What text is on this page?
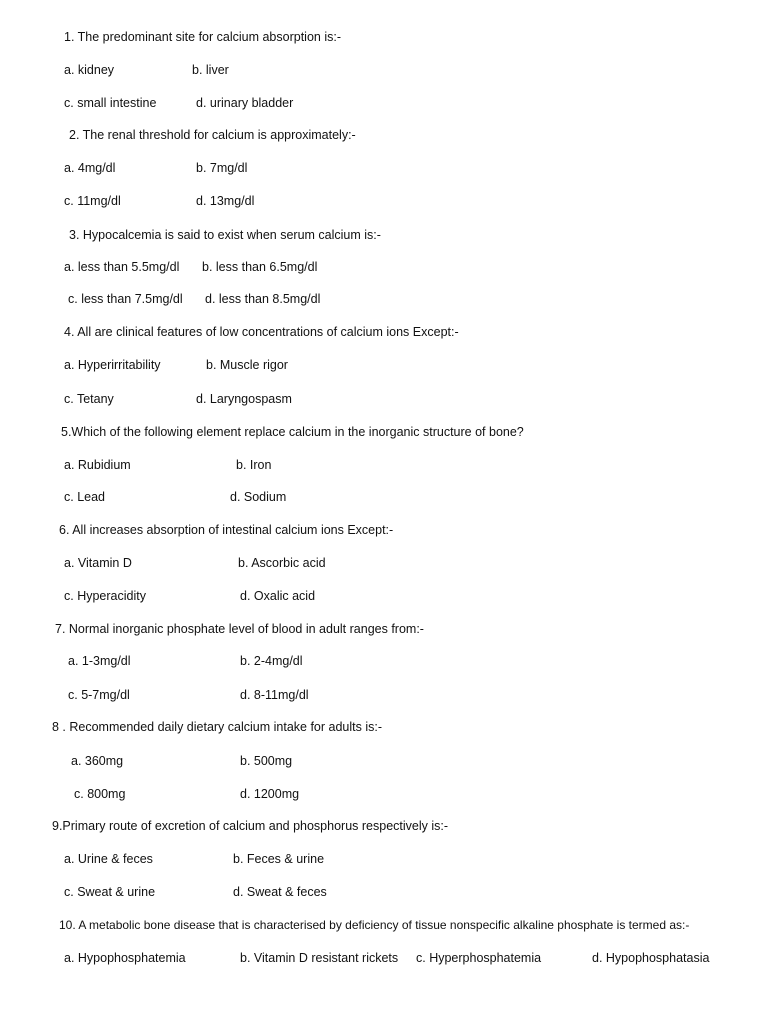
1. The predominant site for calcium absorption is:-
a. kidney	b. liver
c. small intestine	d. urinary bladder
2. The renal threshold for calcium is approximately:-
a. 4mg/dl	b. 7mg/dl
c. 11mg/dl	d. 13mg/dl
3. Hypocalcemia is said to exist when serum calcium is:-
a. less than 5.5mg/dl b. less than 6.5mg/dl
c. less than 7.5mg/dl d. less than 8.5mg/dl
4. All are clinical features of low concentrations of calcium ions Except:-
a. Hyperirritability	b. Muscle rigor
c. Tetany	d. Laryngospasm
5.Which of the following element replace calcium in the inorganic structure of bone?
a. Rubidium	b. Iron
c. Lead	d. Sodium
6. All increases absorption of intestinal calcium ions Except:-
a. Vitamin D	b. Ascorbic acid
c. Hyperacidity	d. Oxalic acid
7. Normal inorganic phosphate level of blood in adult ranges from:-
a. 1-3mg/dl	b. 2-4mg/dl
c. 5-7mg/dl	d. 8-11mg/dl
8 . Recommended daily dietary calcium intake for adults is:-
a. 360mg	b. 500mg
c. 800mg	d. 1200mg
9.Primary route of excretion of calcium and phosphorus respectively is:-
a. Urine & feces	b. Feces & urine
c. Sweat & urine	d. Sweat & feces
10. A metabolic bone disease that is characterised by deficiency of tissue nonspecific alkaline phosphate is termed as:-
a. Hypophosphatemia	b. Vitamin D resistant rickets c. Hyperphosphatemia	d. Hypophosphatasia
